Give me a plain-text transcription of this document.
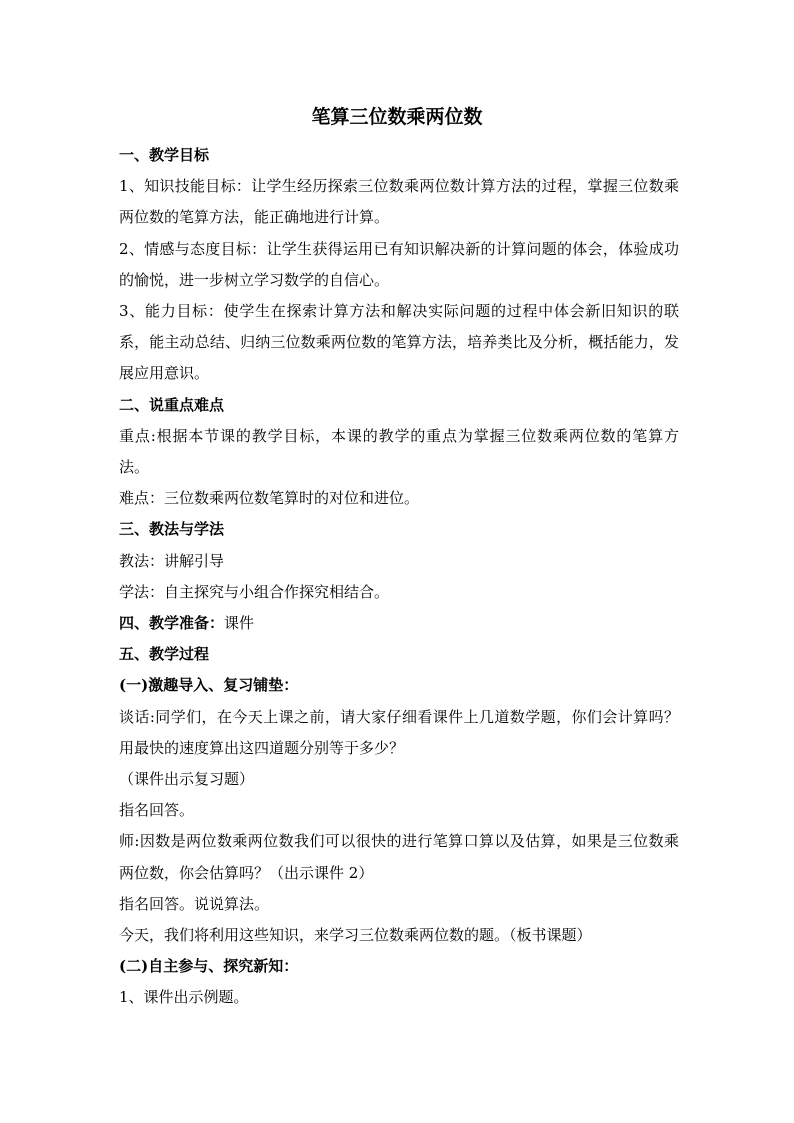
笔算三位数乘两位数

一、教学目标

1、知识技能目标：让学生经历探索三位数乘两位数计算方法的过程，掌握三位数乘两位数的笔算方法，能正确地进行计算。

2、情感与态度目标：让学生获得运用已有知识解决新的计算问题的体会，体验成功的愉悦，进一步树立学习数学的自信心。

3、能力目标：使学生在探索计算方法和解决实际问题的过程中体会新旧知识的联系，能主动总结、归纳三位数乘两位数的笔算方法，培养类比及分析，概括能力，发展应用意识。

二、说重点难点

重点:根据本节课的教学目标，本课的教学的重点为掌握三位数乘两位数的笔算方法。

难点：三位数乘两位数笔算时的对位和进位。

三、教法与学法

教法：讲解引导

学法：自主探究与小组合作探究相结合。

四、教学准备：课件

五、教学过程

(一)激趣导入、复习铺垫：

谈话:同学们，在今天上课之前，请大家仔细看课件上几道数学题，你们会计算吗？用最快的速度算出这四道题分别等于多少？

（课件出示复习题）

指名回答。

师:因数是两位数乘两位数我们可以很快的进行笔算口算以及估算，如果是三位数乘两位数，你会估算吗？（出示课件 2）

指名回答。说说算法。

今天，我们将利用这些知识，来学习三位数乘两位数的题。（板书课题）

(二)自主参与、探究新知：

1、课件出示例题。
